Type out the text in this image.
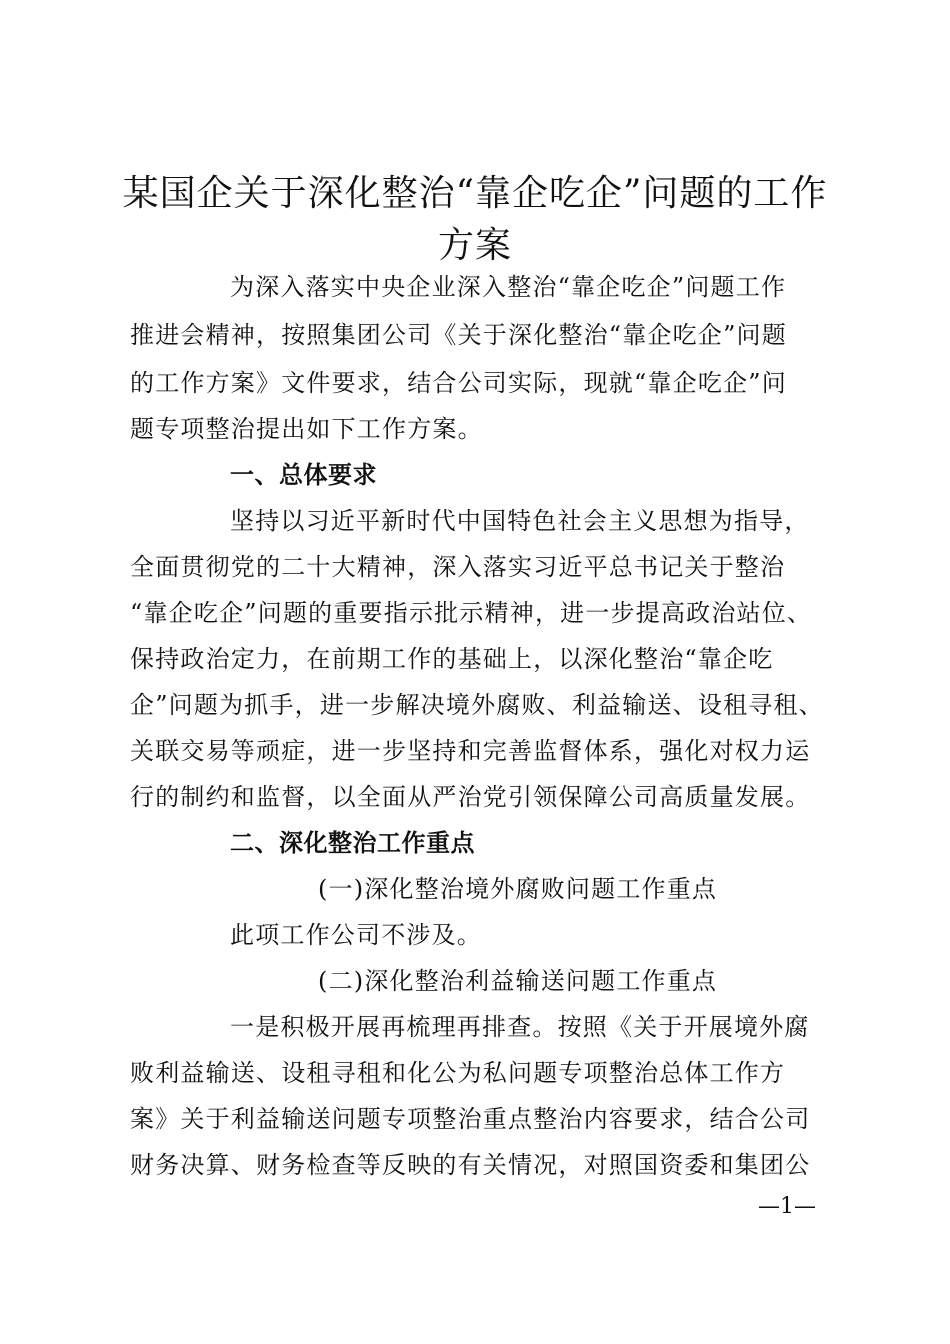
某国企关于深化整治“靠企吃企”问题的工作
方案
为深入落实中央企业深入整治“靠企吃企”问题工作
推进会精神，按照集团公司《关于深化整治“靠企吃企”问题
的工作方案》文件要求，结合公司实际，现就“靠企吃企”问
题专项整治提出如下工作方案。
一、总体要求
坚持以习近平新时代中国特色社会主义思想为指导，
全面贯彻党的二十大精神，深入落实习近平总书记关于整治
“靠企吃企”问题的重要指示批示精神，进一步提高政治站位、
保持政治定力，在前期工作的基础上，以深化整治“靠企吃
企”问题为抓手，进一步解决境外腐败、利益输送、设租寻租、
关联交易等顽症，进一步坚持和完善监督体系，强化对权力运
行的制约和监督，以全面从严治党引领保障公司高质量发展。
二、深化整治工作重点
(一)深化整治境外腐败问题工作重点
此项工作公司不涉及。
(二)深化整治利益输送问题工作重点
一是积极开展再梳理再排查。按照《关于开展境外腐
败利益输送、设租寻租和化公为私问题专项整治总体工作方
案》关于利益输送问题专项整治重点整治内容要求，结合公司
财务决算、财务检查等反映的有关情况，对照国资委和集团公
—1—
